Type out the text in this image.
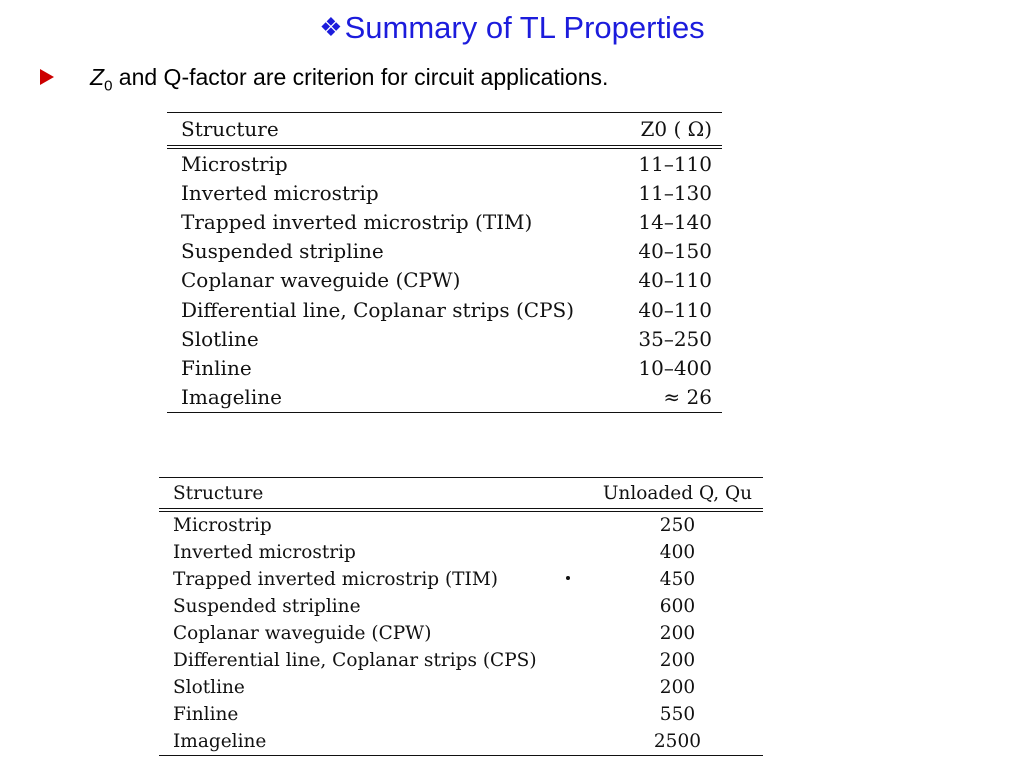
❖Summary of TL Properties
$Z_0$ and Q-factor are criterion for circuit applications.
Structure	Z0 ( Ω)
Microstrip	11–110
Inverted microstrip	11–130
Trapped inverted microstrip (TIM)	14–140
Suspended stripline	40–150
Coplanar waveguide (CPW)	40–110
Differential line, Coplanar strips (CPS)	40–110
Slotline	35–250
Finline	10–400
Imageline	≈ 26
Structure	Unloaded Q, Qu
Microstrip	250
Inverted microstrip	400
Trapped inverted microstrip (TIM)	450
Suspended stripline	600
Coplanar waveguide (CPW)	200
Differential line, Coplanar strips (CPS)	200
Slotline	200
Finline	550
Imageline	2500
